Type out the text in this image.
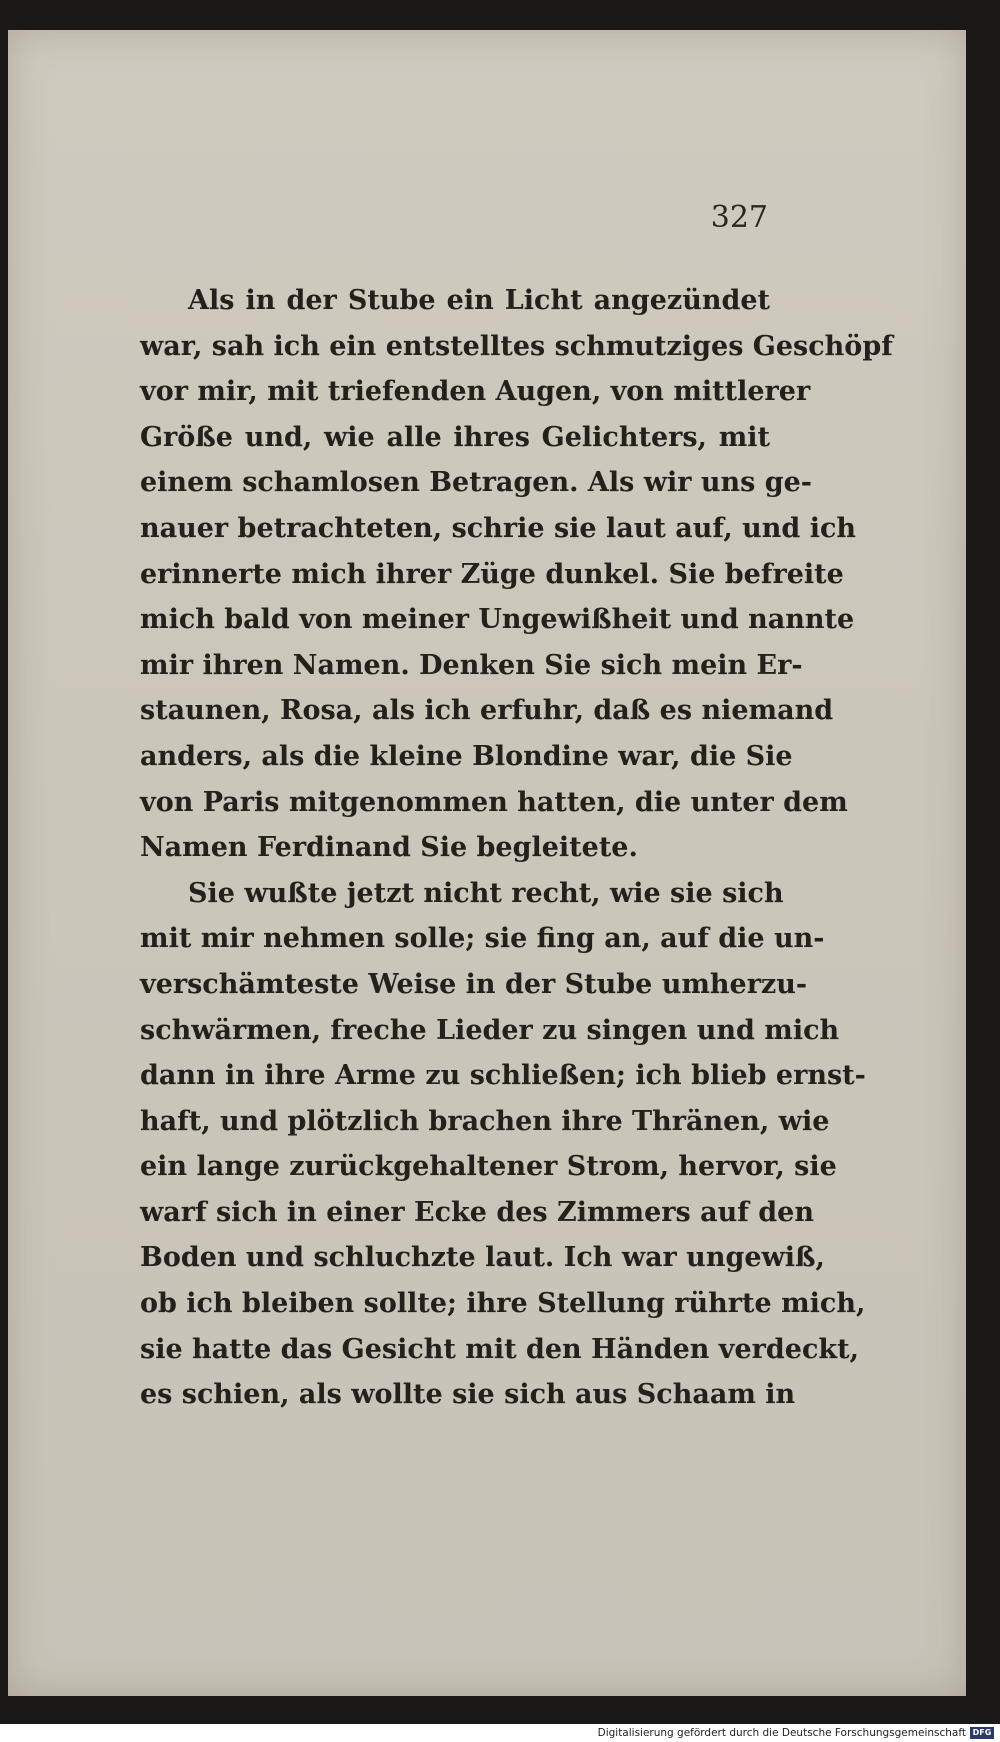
327
Als in der Stube ein Licht angezündet
war, sah ich ein entstelltes schmutziges Geschöpf
vor mir, mit triefenden Augen, von mittlerer
Größe und, wie alle ihres Gelichters, mit
einem schamlosen Betragen. Als wir uns ge-
nauer betrachteten, schrie sie laut auf, und ich
erinnerte mich ihrer Züge dunkel. Sie befreite
mich bald von meiner Ungewißheit und nannte
mir ihren Namen. Denken Sie sich mein Er-
staunen, Rosa, als ich erfuhr, daß es niemand
anders, als die kleine Blondine war, die Sie
von Paris mitgenommen hatten, die unter dem
Namen Ferdinand Sie begleitete.
Sie wußte jetzt nicht recht, wie sie sich
mit mir nehmen solle; sie fing an, auf die un-
verschämteste Weise in der Stube umherzu-
schwärmen, freche Lieder zu singen und mich
dann in ihre Arme zu schließen; ich blieb ernst-
haft, und plötzlich brachen ihre Thränen, wie
ein lange zurückgehaltener Strom, hervor, sie
warf sich in einer Ecke des Zimmers auf den
Boden und schluchzte laut. Ich war ungewiß,
ob ich bleiben sollte; ihre Stellung rührte mich,
sie hatte das Gesicht mit den Händen verdeckt,
es schien, als wollte sie sich aus Schaam in
Digitalisierung gefördert durch die Deutsche Forschungsgemeinschaft DFG
